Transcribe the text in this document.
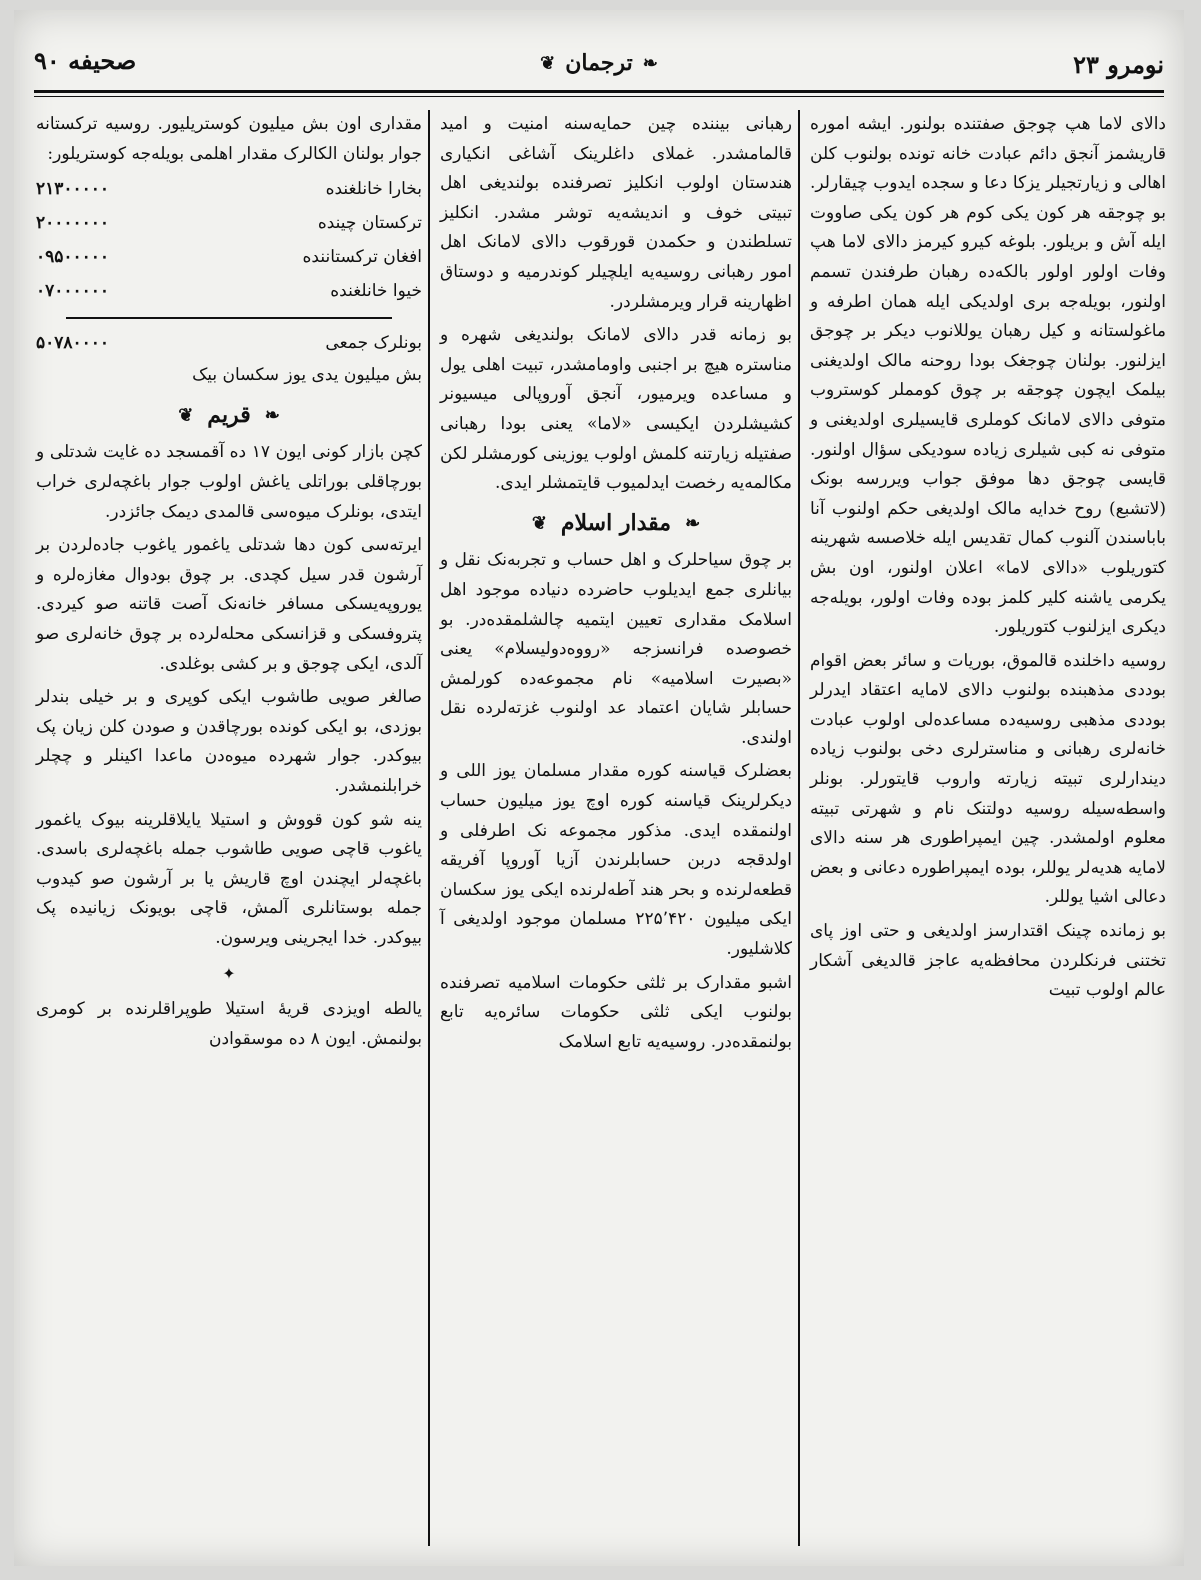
نومرو ۲۳
❧
ترجمان
❦
صحیفه ۹۰

دالای لاما هپ چوجق صفتنده بولنور. ایشه اموره قاریشمز آنجق دائم عبادت خانه تونده بولنوب کلن اهالی و زیارتجیلر یزکا دعا و سجده ایدوب چیقارلر. بو چوجقه هر کون یکی کوم هر کون یکی صاووت ایله آش و بریلور. بلوغه کیرو کیرمز دالای لاما هپ وفات اولور اولور بالکه‌ده رهبان طرفندن تسمم اولنور، بویله‌جه بری اولدیکی ایله همان اطرفه و ماغولستانه و کیل رهبان یوللانوب دیکر بر چوجق ایزلنور. بولنان چوجغک بودا روحنه مالک اولدیغنی بیلمک ایچون چوجقه بر چوق کومملر کوستروب متوفی دالای لامانک کوملری قایسیلری اولدیغنی و متوفی نه کبی شیلری زیاده سودیکی سؤال اولنور. قایسی چوجق دها موفق جواب ویررسه بونک (لاتشبع) روح خدایه مالک اولدیغی حکم اولنوب آنا باباسندن آلنوب کمال تقدیس ایله خلاصسه شهرینه کتوریلوب «دالای لاما» اعلان اولنور، اون بش یکرمی یاشنه کلیر کلمز بوده وفات اولور، بویله‌جه دیکری ایزلنوب کتوریلور.

روسیه داخلنده قالموق، بوریات و سائر بعض اقوام بوددی مذهبنده بولنوب دالای لامایه اعتقاد ایدرلر بوددی مذهبی روسیه‌ده مساعده‌لی اولوب عبادت خانه‌لری رهبانی و مناسترلری دخی بولنوب زیاده دیندارلری تبیته زیارته واروب قایتورلر. بونلر واسطه‌سیله روسیه دولتنک نام و شهرتی تبیته معلوم اولمشدر. چین ایمپراطوری هر سنه دالای لامایه هدیه‌لر یوللر، بوده ایمپراطوره دعانی و بعض دعالی اشیا یوللر.

بو زمانده چینک اقتدارسز اولدیغی و حتی اوز پای تختنی فرنکلردن محافظه‌یه عاجز قالدیغی آشکار عالم اولوب تبیت

رهبانی بیننده چین حمایه‌سنه امنیت و امید قالمامشدر. غملای داغلرینک آشاغی انکیاری هندستان اولوب انکلیز تصرفنده بولندیغی اهل تبیتی خوف و اندیشه‌یه توشر مشدر. انکلیز تسلطندن و حکمدن قورقوب دالای لامانک اهل امور رهبانی روسیه‌یه ایلچیلر کوندرمیه و دوستاق اظهارینه قرار ویرمشلردر.

بو زمانه قدر دالای لامانک بولندیغی شهره و مناستره هیچ بر اجنبی واومامشدر، تبیت اهلی یول و مساعده ویرمیور، آنجق آوروپالی میسیونر کشیشلردن ایکیسی «لاما» یعنی بودا رهبانی صفتیله زیارتنه کلمش اولوب یوزینی کورمشلر لکن مکالمه‌یه رخصت ایدلمیوب قایتمشلر ایدی.

❧
مقدار اسلام
❦

بر چوق سیاحلرک و اهل حساب و تجربه‌نک نقل و بیانلری جمع ایدیلوب حاضرده دنیاده موجود اهل اسلامک مقداری تعیین ایتمیه چالشلمقده‌در. بو خصوصده فرانسزجه «رووه‌دولیسلام» یعنی «بصیرت اسلامیه» نام مجموعه‌ده کورلمش حسابلر شایان اعتماد عد اولنوب غزته‌لرده نقل اولندی.

بعضلرک قیاسنه کوره مقدار مسلمان یوز اللی و دیکرلرینک قیاسنه کوره اوچ یوز میلیون حساب اولنمقده ایدی. مذکور مجموعه نک اطرفلی و اولدقجه دربن حسابلرندن آزیا آوروپا آفریقه قطعه‌لرنده و بحر هند آطه‌لرنده ایکی یوز سکسان ایکی میلیون ۲۲۵٬۴۲۰ مسلمان موجود اولدیغی آ کلاشلیور.

اشبو مقدارک بر ثلثی حکومات اسلامیه تصرفنده بولنوب ایکی ثلثی حکومات سائره‌یه تابع بولنمقده‌در. روسیه‌یه تابع اسلامک

مقداری اون بش میلیون کوستریلیور. روسیه ترکستانه جوار بولنان الکالرک مقدار اهلمی بویله‌جه کوستریلور:

بخارا خانلغنده
۲۱۳۰۰۰۰۰
ترکستان چینده
۲۰۰۰۰۰۰۰
افغان ترکستاننده
۰۹۵۰۰۰۰۰
خیوا خانلغنده
۰۷۰۰۰۰۰۰
بونلرک جمعی
۵۰۷۸۰۰۰۰

بش میلیون یدی یوز سکسان بیک

❧
قریم
❦

کچن بازار کونی ایون ۱۷ ده آقمسجد ده غایت شدتلی و بورچاقلی بوراتلی یاغش اولوب جوار باغچه‌لری خراب ایتدی، بونلرک میوه‌سی قالمدی دیمک جائزدر.

ایرته‌سی کون دها شدتلی یاغمور یاغوب جاده‌لردن بر آرشون قدر سیل کچدی. بر چوق بودوال مغازه‌لره و یوروپه‌یسکی مسافر خانه‌نک آصت قاتنه صو کیردی. پتروفسکی و قزانسکی محله‌لرده بر چوق خانه‌لری صو آلدی، ایکی چوجق و بر کشی بوغلدی.

صالغر صویی طاشوب ایکی کوپری و بر خیلی بندلر بوزدی، بو ایکی کونده بورچاقدن و صودن کلن زیان پک بیوکدر. جوار شهرده میوه‌دن ماعدا اکینلر و چچلر خرابلنمشدر.

ینه شو کون قووش و استیلا یایلاقلرینه بیوک یاغمور یاغوب قاچی صویی طاشوب جمله باغچه‌لری باسدی. باغچه‌لر ایچندن اوچ قاریش یا بر آرشون صو کیدوب جمله بوستانلری آلمش، قاچی بویونک زیانیده پک بیوکدر. خدا ایجرینی ویرسون.

✦

یالطه اویزدی قریهٔ استیلا طوپراقلرنده بر کومری بولنمش. ایون ۸ ده موسقوادن
